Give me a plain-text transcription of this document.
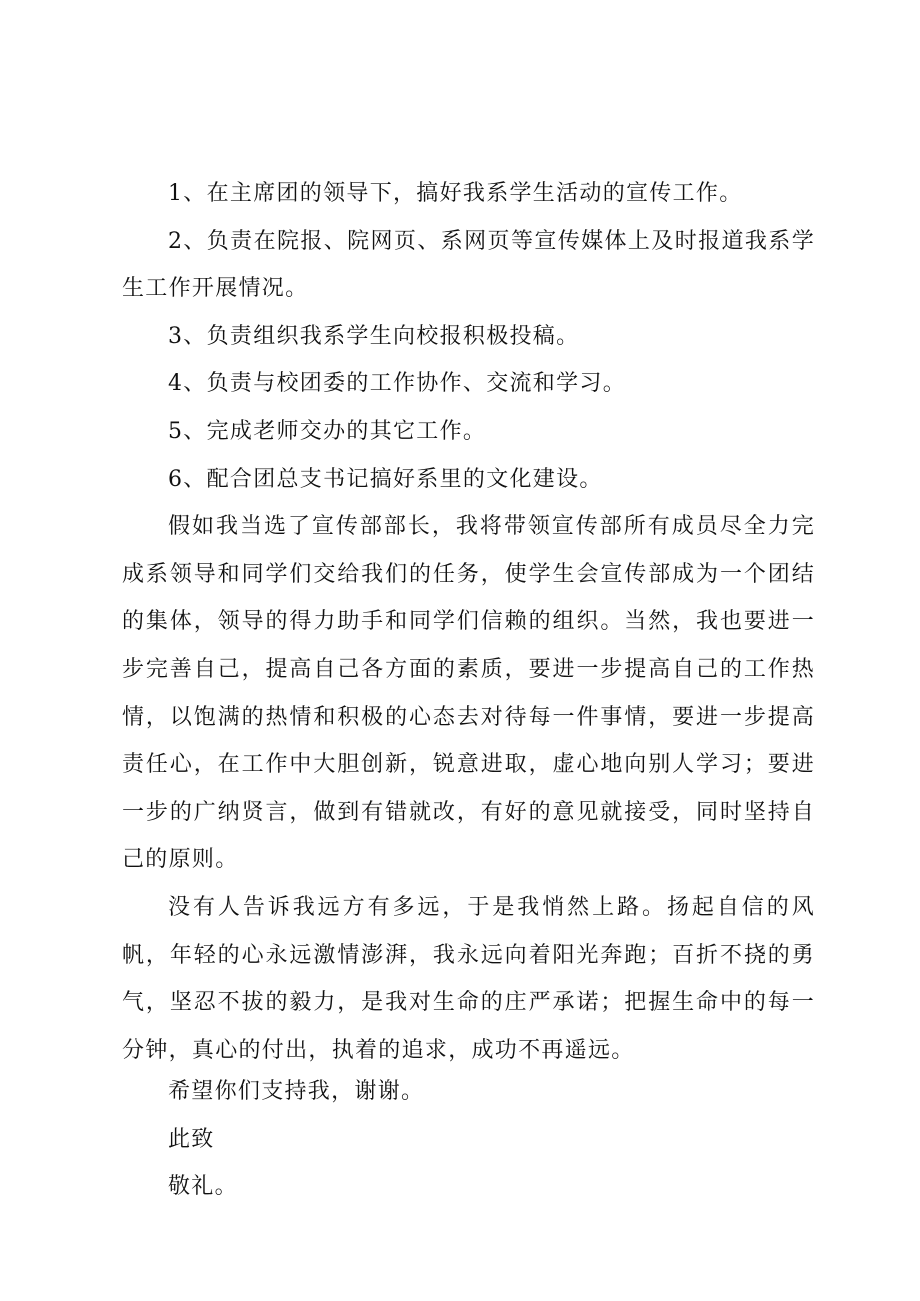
1、在主席团的领导下，搞好我系学生活动的宣传工作。

2、负责在院报、院网页、系网页等宣传媒体上及时报道我系学生工作开展情况。

3、负责组织我系学生向校报积极投稿。

4、负责与校团委的工作协作、交流和学习。

5、完成老师交办的其它工作。

6、配合团总支书记搞好系里的文化建设。

假如我当选了宣传部部长，我将带领宣传部所有成员尽全力完成系领导和同学们交给我们的任务，使学生会宣传部成为一个团结的集体，领导的得力助手和同学们信赖的组织。当然，我也要进一步完善自己，提高自己各方面的素质，要进一步提高自己的工作热情，以饱满的热情和积极的心态去对待每一件事情，要进一步提高责任心，在工作中大胆创新，锐意进取，虚心地向别人学习；要进一步的广纳贤言，做到有错就改，有好的意见就接受，同时坚持自己的原则。

没有人告诉我远方有多远，于是我悄然上路。扬起自信的风帆，年轻的心永远激情澎湃，我永远向着阳光奔跑；百折不挠的勇气，坚忍不拔的毅力，是我对生命的庄严承诺；把握生命中的每一分钟，真心的付出，执着的追求，成功不再遥远。

希望你们支持我，谢谢。

此致

敬礼。
